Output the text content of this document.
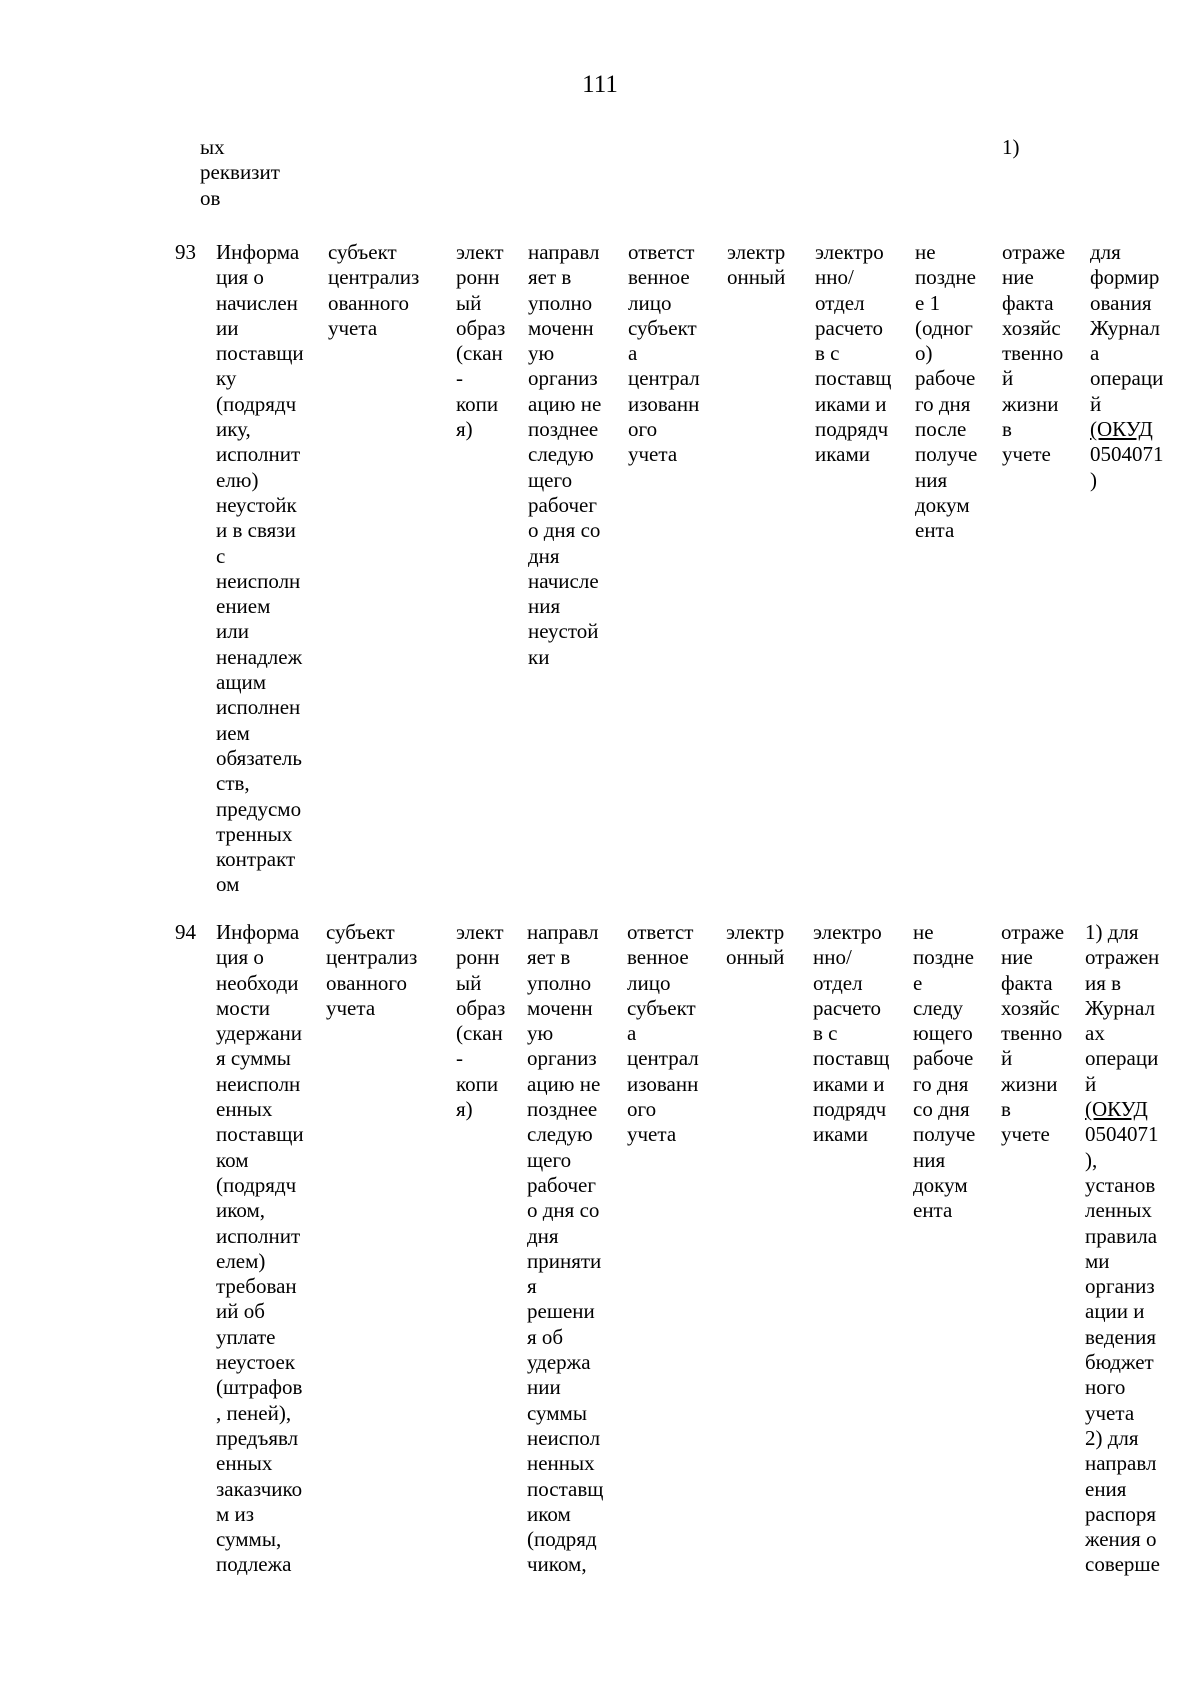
111
ых
реквизит
ов
1)
93 Информа
ция о
начислен
ии
поставщи
ку
(подрядч
ику,
исполнит
елю)
неустойк
и в связи
с
неисполн
ением
или
ненадлеж
ащим
исполнен
ием
обязатель
ств,
предусмо
тренных
контракт
ом
субъект
централиз
ованного
учета
элект
ронн
ый
образ
(скан
-
копи
я)
направл
яет в
уполно
моченн
ую
организ
ацию не
позднее
следую
щего
рабочег
о дня со
дня
начисле
ния
неустой
ки
ответст
венное
лицо
субъект
а
централ
изованн
ого
учета
электр
онный
электро
нно/
отдел
расчето
в с
поставщ
иками и
подрядч
иками
не
поздне
е 1
(одног
о)
рабоче
го дня
после
получе
ния
докум
ента
отраже
ние
факта
хозяйс
твенно
й
жизни
в
учете
для
формир
ования
Журнал
а
операци
й
(ОКУД
0504071
)
94 Информа
ция о
необходи
мости
удержани
я суммы
неисполн
енных
поставщи
ком
(подрядч
иком,
исполнит
елем)
требован
ий об
уплате
неустоек
(штрафов
, пеней),
предъявл
енных
заказчико
м из
суммы,
подлежа
субъект
централиз
ованного
учета
элект
ронн
ый
образ
(скан
-
копи
я)
направл
яет в
уполно
моченн
ую
организ
ацию не
позднее
следую
щего
рабочег
о дня со
дня
приняти
я
решени
я об
удержа
нии
суммы
неиспол
ненных
поставщ
иком
(подряд
чиком,
ответст
венное
лицо
субъект
а
централ
изованн
ого
учета
электр
онный
электро
нно/
отдел
расчето
в с
поставщ
иками и
подрядч
иками
не
поздне
е
следу
ющего
рабоче
го дня
со дня
получе
ния
докум
ента
отраже
ние
факта
хозяйс
твенно
й
жизни
в
учете
1) для
отражен
ия в
Журнал
ах
операци
й
(ОКУД
0504071
),
установ
ленных
правила
ми
организ
ации и
ведения
бюджет
ного
учета
2) для
направл
ения
распоря
жения о
соверше
